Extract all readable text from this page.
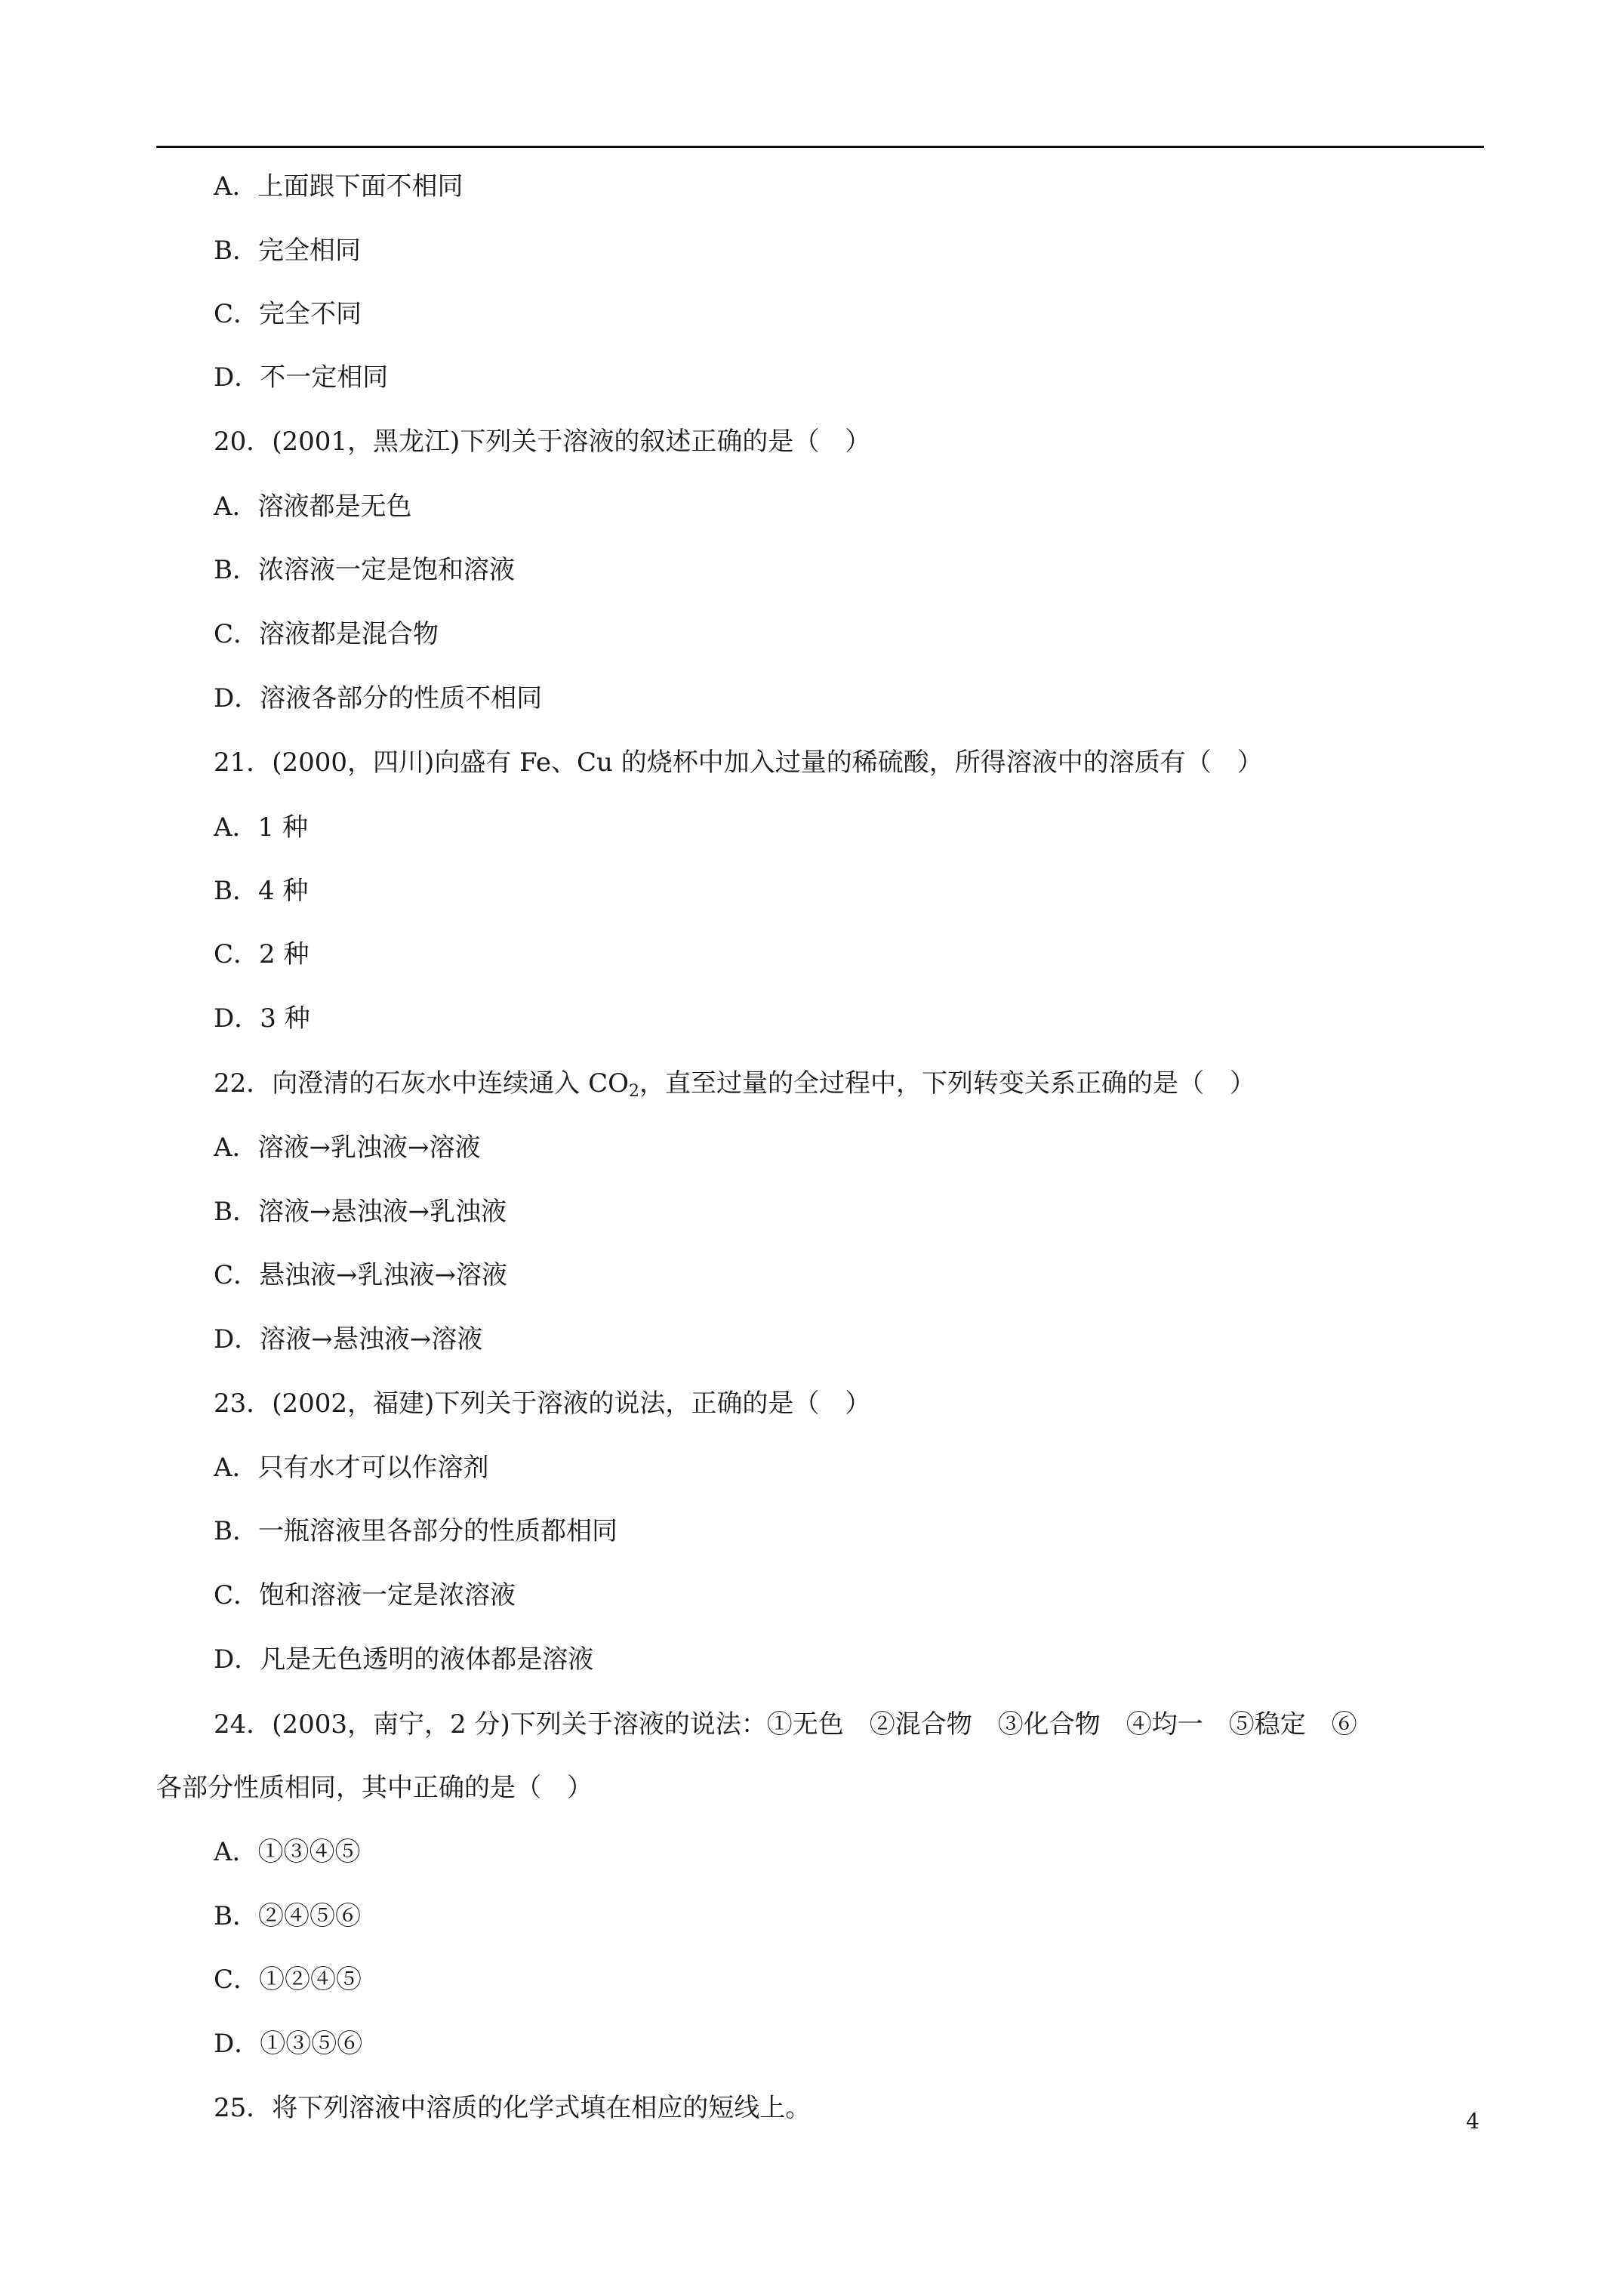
A．上面跟下面不相同
B．完全相同
C．完全不同
D．不一定相同
20．(2001，黑龙江)下列关于溶液的叙述正确的是（　）
A．溶液都是无色
B．浓溶液一定是饱和溶液
C．溶液都是混合物
D．溶液各部分的性质不相同
21．(2000，四川)向盛有 Fe、Cu 的烧杯中加入过量的稀硫酸，所得溶液中的溶质有（　）
A．1 种
B．4 种
C．2 种
D．3 种
22．向澄清的石灰水中连续通入 $CO_2$，直至过量的全过程中，下列转变关系正确的是（　）
A．溶液→乳浊液→溶液
B．溶液→悬浊液→乳浊液
C．悬浊液→乳浊液→溶液
D．溶液→悬浊液→溶液
23．(2002，福建)下列关于溶液的说法，正确的是（　）
A．只有水才可以作溶剂
B．一瓶溶液里各部分的性质都相同
C．饱和溶液一定是浓溶液
D．凡是无色透明的液体都是溶液
24．(2003，南宁，2 分)下列关于溶液的说法：①无色　②混合物　③化合物　④均一　⑤稳定　⑥
各部分性质相同，其中正确的是（　）
A．①③④⑤
B．②④⑤⑥
C．①②④⑤
D．①③⑤⑥
25．将下列溶液中溶质的化学式填在相应的短线上。	4
